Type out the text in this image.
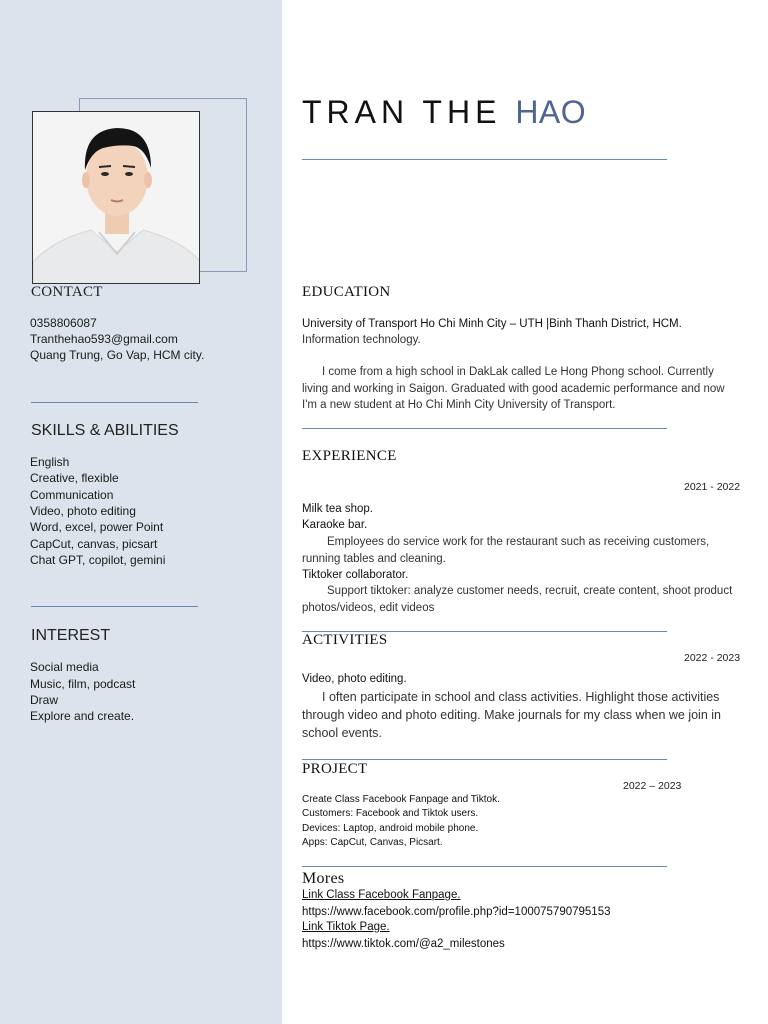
CONTACT
0358806087
Tranthehao593@gmail.com
Quang Trung, Go Vap, HCM city.
SKILLS & ABILITIES
English
Creative, flexible
Communication
Video, photo editing
Word, excel, power Point
CapCut, canvas, picsart
Chat GPT, copilot, gemini
INTEREST
Social media
Music, film, podcast
Draw
Explore and create.
TRAN THE HAO
EDUCATION
University of Transport Ho Chi Minh City – UTH |Binh Thanh District, HCM.
Information technology.
I come from a high school in DakLak called Le Hong Phong school. Currently living and working in Saigon. Graduated with good academic performance and now I'm a new student at Ho Chi Minh City University of Transport.
EXPERIENCE
2021 - 2022
Milk tea shop.
Karaoke bar.
Employees do service work for the restaurant such as receiving customers, running tables and cleaning.
Tiktoker collaborator.
Support tiktoker: analyze customer needs, recruit, create content, shoot product photos/videos, edit videos
ACTIVITIES
2022 - 2023
Video, photo editing.
I often participate in school and class activities. Highlight those activities through video and photo editing. Make journals for my class when we join in school events.
PROJECT
2022 – 2023
Create Class Facebook Fanpage and Tiktok.
Customers: Facebook and Tiktok users.
Devices: Laptop, android mobile phone.
Apps: CapCut, Canvas, Picsart.
Mores
Link Class Facebook Fanpage.
https://www.facebook.com/profile.php?id=100075790795153
Link Tiktok Page.
https://www.tiktok.com/@a2_milestones
